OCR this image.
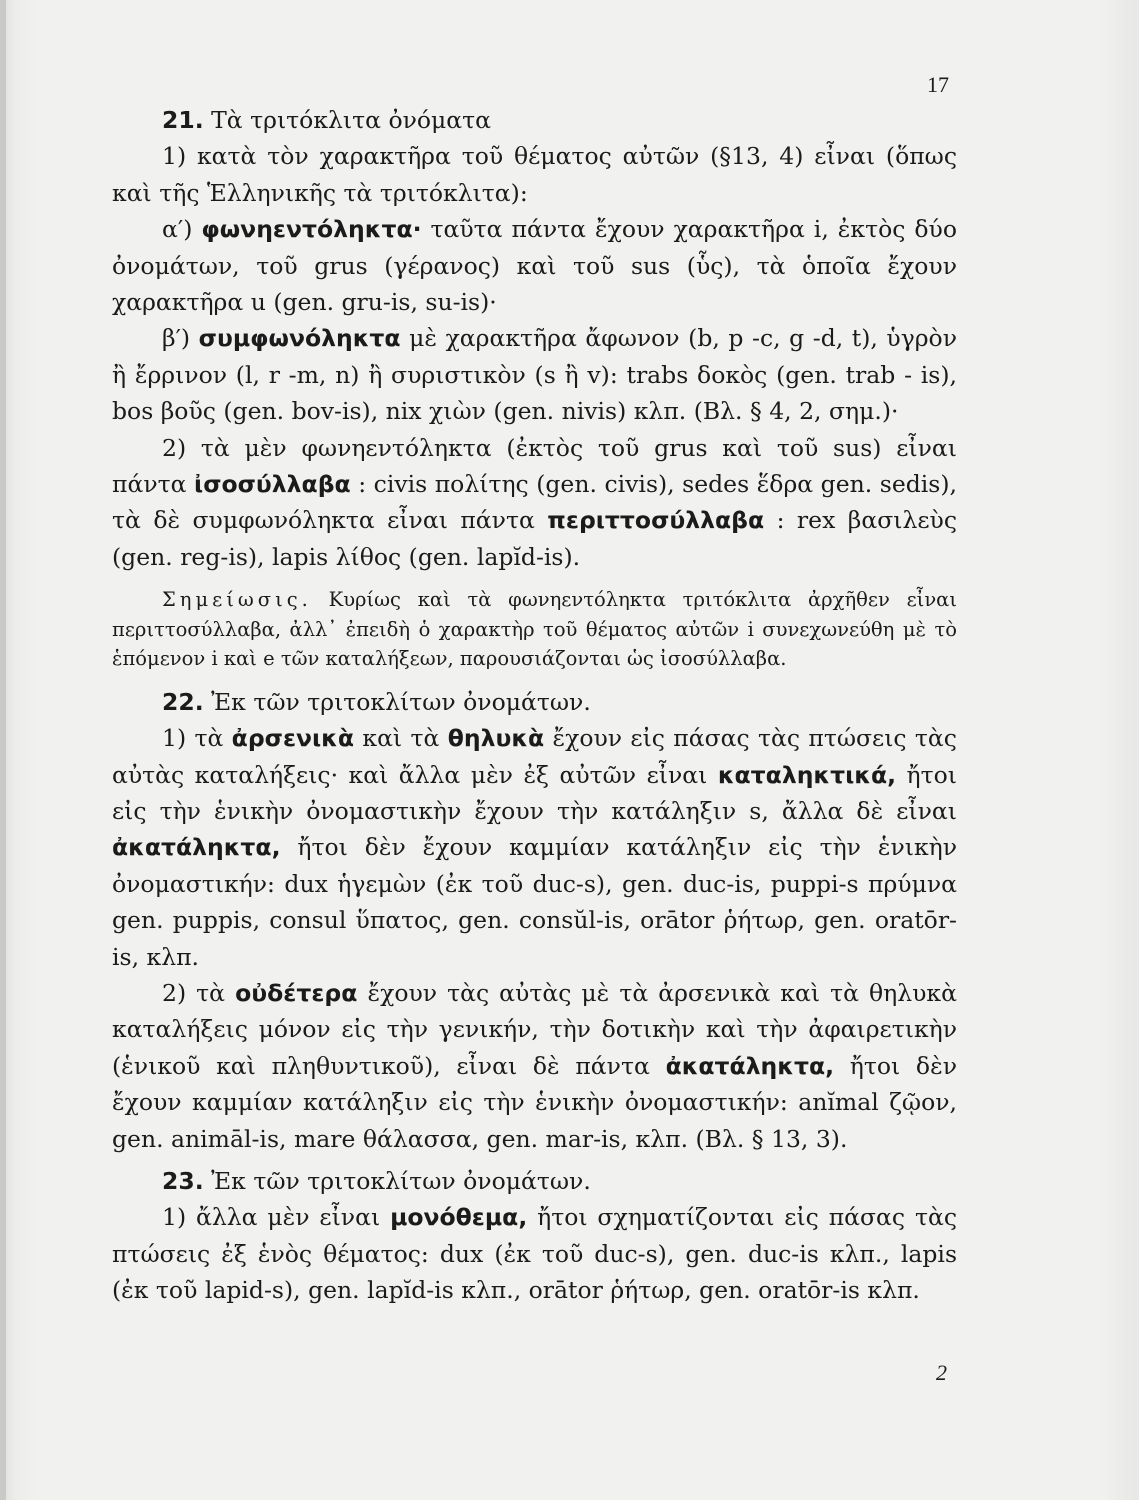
17

21. Τὰ τριτόκλιτα ὀνόματα

1) κατὰ τὸν χαρακτῆρα τοῦ θέματος αὐτῶν (§13, 4) εἶναι (ὅπως καὶ τῆς Ἑλληνικῆς τὰ τριτόκλιτα):

α′) φωνηεντόληκτα· ταῦτα πάντα ἔχουν χαρακτῆρα i, ἐκτὸς δύο ὀνομάτων, τοῦ grus (γέρανος) καὶ τοῦ sus (ὗς), τὰ ὁποῖα ἔχουν χαρακτῆρα u (gen. gru-is, su-is)·

β′) συμφωνόληκτα μὲ χαρακτῆρα ἄφωνον (b, p -c, g -d, t), ὑγρὸν ἢ ἔρρινον (l, r -m, n) ἢ συριστικὸν (s ἢ v): trabs δοκὸς (gen. trab - is), bos βοῦς (gen. bov-is), nix χιὼν (gen. nivis) κλπ. (Βλ. § 4, 2, σημ.)·

2) τὰ μὲν φωνηεντόληκτα (ἐκτὸς τοῦ grus καὶ τοῦ sus) εἶναι πάντα ἰσοσύλλαβα : civis πολίτης (gen. civis), sedes ἕδρα gen. sedis), τὰ δὲ συμφωνόληκτα εἶναι πάντα περιττοσύλλαβα : rex βασιλεὺς (gen. reg-is), lapis λίθος (gen. lapĭd-is).

Σημείωσις. Κυρίως καὶ τὰ φωνηεντόληκτα τριτόκλιτα ἀρχῆθεν εἶναι περιττοσύλλαβα, ἀλλ᾽ ἐπειδὴ ὁ χαρακτὴρ τοῦ θέματος αὐτῶν i συνεχωνεύθη μὲ τὸ ἑπόμενον i καὶ e τῶν καταλήξεων, παρουσιάζονται ὡς ἰσοσύλλαβα.

22. Ἐκ τῶν τριτοκλίτων ὀνομάτων.

1) τὰ ἀρσενικὰ καὶ τὰ θηλυκὰ ἔχουν εἰς πάσας τὰς πτώσεις τὰς αὐτὰς καταλήξεις· καὶ ἄλλα μὲν ἐξ αὐτῶν εἶναι καταληκτικά, ἤτοι εἰς τὴν ἑνικὴν ὀνομαστικὴν ἔχουν τὴν κατάληξιν s, ἄλλα δὲ εἶναι ἀκατάληκτα, ἤτοι δὲν ἔχουν καμμίαν κατάληξιν εἰς τὴν ἑνικὴν ὀνομαστικήν: dux ἡγεμὼν (ἐκ τοῦ duc-s), gen. duc-is, puppi-s πρύμνα gen. puppis, consul ὕπατος, gen. consŭl-is, orātor ῥήτωρ, gen. oratōr-is, κλπ.

2) τὰ οὐδέτερα ἔχουν τὰς αὐτὰς μὲ τὰ ἀρσενικὰ καὶ τὰ θηλυκὰ καταλήξεις μόνον εἰς τὴν γενικήν, τὴν δοτικὴν καὶ τὴν ἀφαιρετικὴν (ἑνικοῦ καὶ πληθυντικοῦ), εἶναι δὲ πάντα ἀκατάληκτα, ἤτοι δὲν ἔχουν καμμίαν κατάληξιν εἰς τὴν ἑνικὴν ὀνομαστικήν: anĭmal ζῷον, gen. animāl-is, mare θάλασσα, gen. mar-is, κλπ. (Βλ. § 13, 3).

23. Ἐκ τῶν τριτοκλίτων ὀνομάτων.

1) ἄλλα μὲν εἶναι μονόθεμα, ἤτοι σχηματίζονται εἰς πάσας τὰς πτώσεις ἐξ ἑνὸς θέματος: dux (ἐκ τοῦ duc-s), gen. duc-is κλπ., lapis (ἐκ τοῦ lapid-s), gen. lapĭd-is κλπ., orātor ῥήτωρ, gen. oratōr-is κλπ.

2
